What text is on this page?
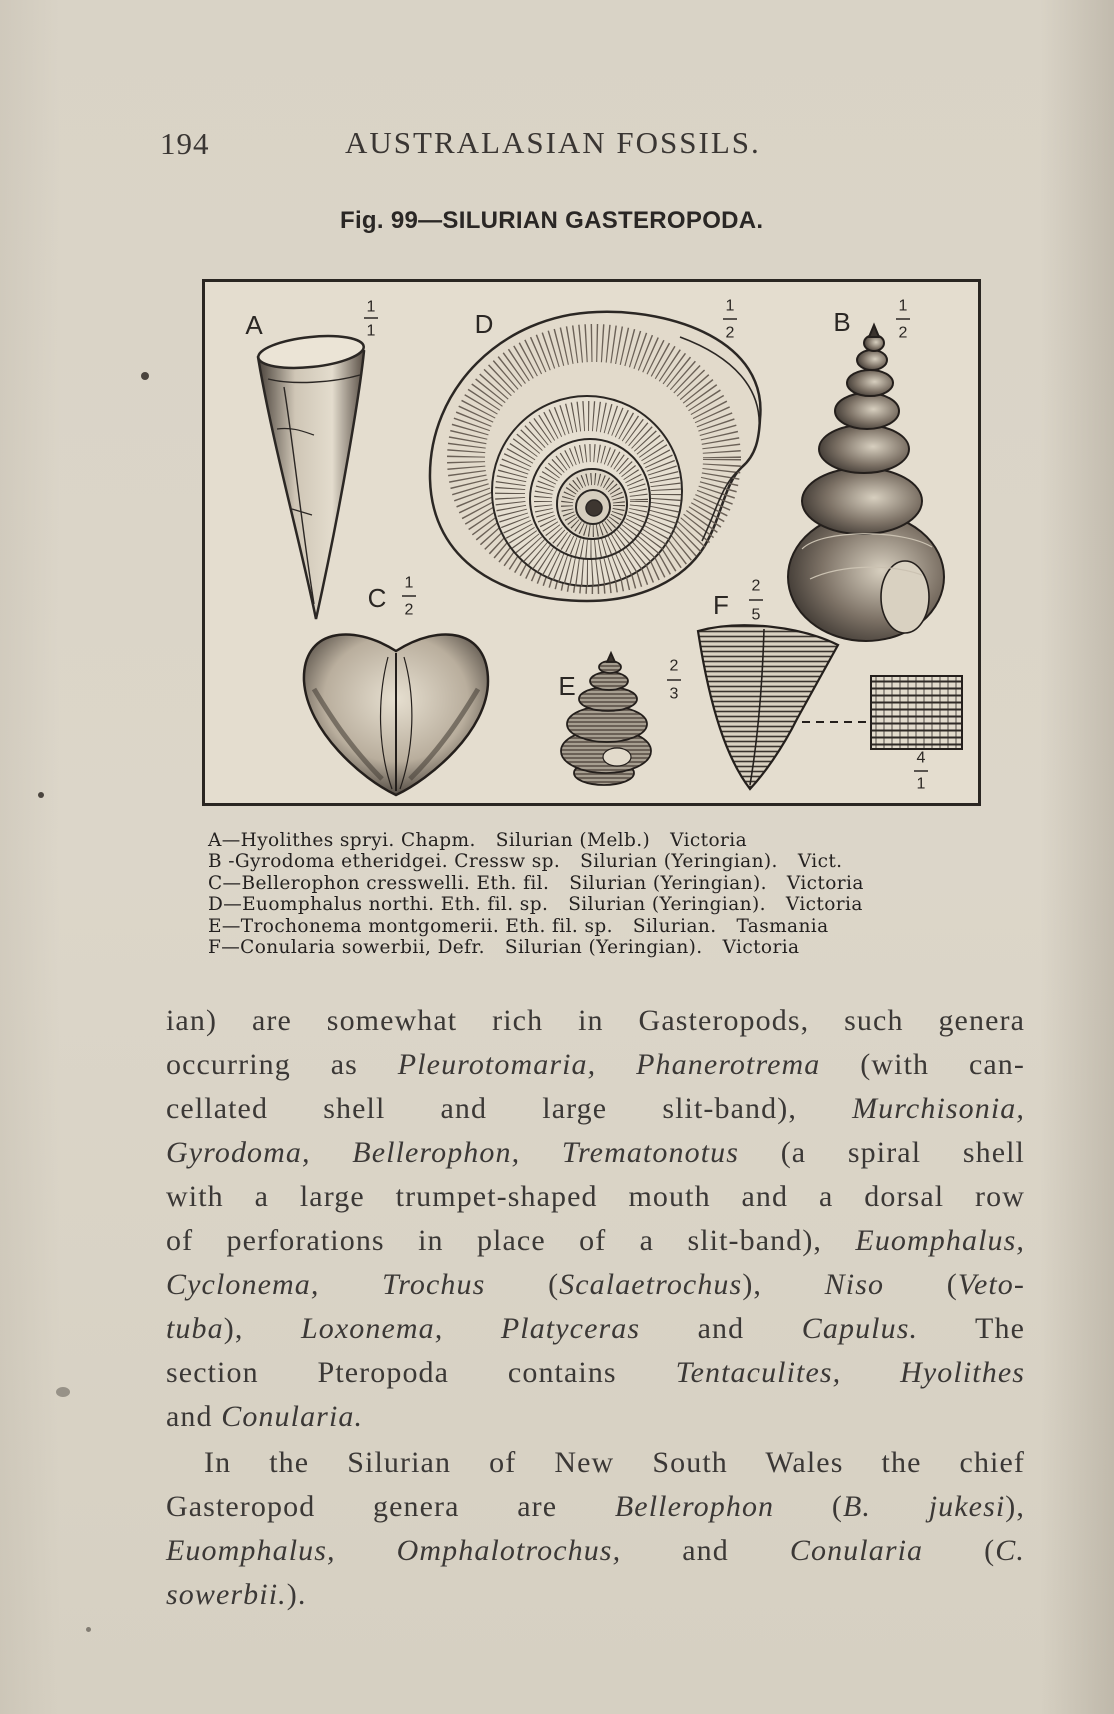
194	AUSTRALASIAN FOSSILS.
Fig. 99—SILURIAN GASTEROPODA.
A
1
1	D
1
2	B
1
2
C 1
2	F
2
5
E
2
3
4
1
A—Hyolithes spryi. Chapm. Silurian (Melb.) Victoria
B -Gyrodoma etheridgei. Cressw sp. Silurian (Yeringian). Vict.
C—Bellerophon cresswelli. Eth. fil. Silurian (Yeringian). Victoria
D—Euomphalus northi. Eth. fil. sp. Silurian (Yeringian). Victoria
E—Trochonema montgomerii. Eth. fil. sp. Silurian. Tasmania
F—Conularia sowerbii, Defr. Silurian (Yeringian). Victoria
ian) are somewhat rich in Gasteropods, such genera
occurring as Pleurotomaria, Phanerotrema (with can-
cellated shell and large slit-band), Murchisonia,
Gyrodoma, Bellerophon, Trematonotus (a spiral shell
with a large trumpet-shaped mouth and a dorsal row
of perforations in place of a slit-band), Euomphalus,
Cyclonema, Trochus (Scalaetrochus), Niso (Veto-
tuba), Loxonema, Platyceras and Capulus. The
section Pteropoda contains Tentaculites, Hyolithes
and Conularia.
In the Silurian of New South Wales the chief
Gasteropod genera are Bellerophon (B. jukesi),
Euomphalus, Omphalotrochus, and Conularia (C.
sowerbii.).
